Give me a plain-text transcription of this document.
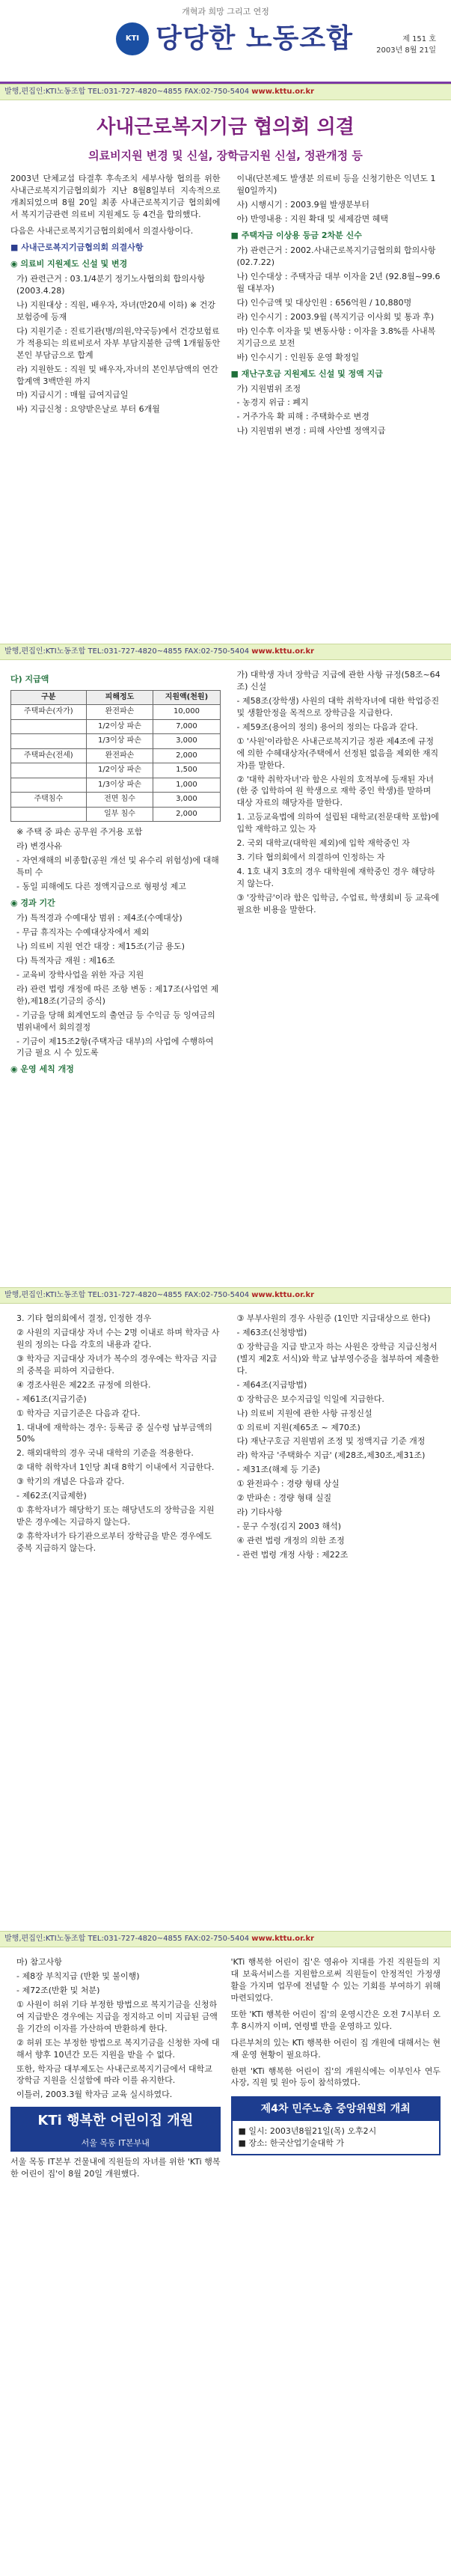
개혁과 희망 그리고 연정
KTI 당당한 노동조합	제 151 호
2003년 8월 21일
발행,편집인:KTI노동조합 TEL:031-727-4820~4855 FAX:02-750-5404 www.kttu.or.kr
사내근로복지기금 협의회 의결
의료비지원 변경 및 신설, 장학금지원 신설, 정관개정 등

2003년 단체교섭 타결후 후속조치 세부사항 협의를 위한 사내근로복지기금협의회가 지난 8월8일부터 지속적으로 개최되었으며 8월 20일 최종 사내근로복지기금 협의회에서 복지기금관련 의료비 지원제도 등 4건을 합의했다.

다음은 사내근로복지기금협의회에서 의결사항이다.

■ 사내근로복지기금협의회 의결사항
◉ 의료비 지원제도 신설 및 변경
가) 관련근거 : 03.1/4분기 정기노사협의회 합의사항(2003.4.28)
나) 지원대상 : 직원, 배우자, 자녀(만20세 이하) ※ 건강보험증에 등재
다) 지원기준 : 진료기관(병/의원,약국등)에서 건강보험료가 적용되는 의료비로서 자부 부담지불한 금액 1개월동안 본인 부담금으로 합계
라) 지원한도 : 직원 및 배우자,자녀의 본인부담액의 연간 합계액 3백만원 까지
마) 지급시기 : 매월 급여지급일
바) 지급신청 : 요양받은날로 부터 6개월
이내(단본제도 발생분 의료비 등을 신청기한은 익년도 1월0일까지)
사) 시행시기 : 2003.9월 발생분부터
아) 반영내용 : 지원 확대 및 세제감면 혜택
■ 주택자금 이상용 등금 2차분 신수
가) 관련근거 : 2002.사내근로복지기금협의회 합의사항(02.7.22)
나) 인수대상 : 주택자금 대부 이자율 2년 (92.8월~99.6월 대부자)
다) 인수금액 및 대상인원 : 656억원 / 10,880명
라) 인수시기 : 2003.9월 (복지기금 이사회 및 통과 후)
마) 인수후 이자율 및 변동사항 : 이자율 3.8%를 사내복지기금으로 보전
바) 인수시기 : 인원동 운영 확정일
■ 재난구호금 지원제도 신설 및 정액 지급
가) 지원범위 조정
- 농경지 위급 : 폐지
- 거주가옥 확 피해 : 주택화수로 변경
나) 지원범위 변경 : 피해 사안별 정액지급
발행,편집인:KTI노동조합 TEL:031-727-4820~4855 FAX:02-750-5404 www.kttu.or.kr
다) 지급액
구분	피해정도	지원액(천원)
주택파손(자가)	완전파손	10,000
	1/2이상 파손	7,000
	1/3이상 파손	3,000
주택파손(전세)	완전파손	2,000
	1/2이상 파손	1,500
	1/3이상 파손	1,000
주택침수	전면 침수	3,000
	일부 침수	2,000
※ 주택 중 파손 공무원 주거용 포함
라) 변경사유
- 자연재해의 비종합(공원 개선 및 유수리 위험성)에 대해 특미 수
- 동일 피해에도 다른 정액지급으로 형평성 제고
◉ 경과 기간
가) 특적경과 수예대상 범위 : 제4조(수예대상)
- 무급 휴직자는 수예대상자에서 제외
나) 의료비 지원 연간 대장 : 제15조(기금 용도)
다) 특적자금 재원 : 제16조
- 교육비 장학사업을 위한 자금 지원
라) 관련 법령 개정에 따른 조항 변동 : 제17조(사업연 제한),제18조(기금의 증식)
- 기금을 당해 회계연도의 출연금 등 수익금 등 잉여금의 범위내에서 회의결정
- 기금이 제15조2항(주택자금 대부)의 사업에 수행하여 기금 필요 시 수 있도록
◉ 운영 세칙 개정
가) 대학생 자녀 장학금 지급에 관한 사항 규정(58조~64조) 신설
- 제58조(장학생) 사원의 대학 취학자녀에 대한 학업증진 및 생활안정을 목적으로 장학금을 지급한다.
- 제59조(용어의 정의) 용어의 정의는 다음과 같다.
① '사원'이라함은 사내근로복지기금 정관 제4조에 규정에 의한 수혜대상자(주택에서 선정된 없음을 제외한 재직자)를 말한다.
② '대학 취학자녀'라 함은 사원의 호적부에 등재된 자녀(한 중 입학하여 원 학생으로 재학 중인 학생)를 말하며 대상 자료의 해당자를 말한다.
1. 고등교육법에 의하여 설립된 대학교(전문대학 포함)에 입학 재학하고 있는 자
2. 국외 대학교(대학원 제외)에 입학 재학중인 자
3. 기타 협의회에서 의결하여 인정하는 자
4. 1호 내지 3호의 경우 대학원에 재학중인 경우 해당하지 않는다.
③ '장학금'이라 함은 입학금, 수업료, 학생회비 등 교육에 필요한 비용을 말한다.
발행,편집인:KTI노동조합 TEL:031-727-4820~4855 FAX:02-750-5404 www.kttu.or.kr
3. 기타 협의회에서 결정, 인정한 경우
② 사원의 지급대상 자녀 수는 2명 이내로 하며 학자금 사원의 정의는 다음 각호의 내용과 같다.
③ 학자금 지급대상 자녀가 복수의 경우에는 학자금 지급의 중복을 피하여 지급한다.
④ 경조사원은 제22조 규정에 의한다.
- 제61조(지급기준)
① 학자금 지급기준은 다음과 같다.
1. 대내에 재학하는 경우: 등록금 중 실수령 납부금액의 50%
2. 해외대학의 경우 국내 대학의 기준을 적용한다.
② 대학 취학자녀 1인당 최대 8학기 이내에서 지급한다.
③ 학기의 개념은 다음과 같다.
- 제62조(지급제한)
① 휴학자녀가 해당학기 또는 해당년도의 장학금을 지원받은 경우에는 지급하지 않는다.
② 휴학자녀가 타기관으로부터 장학금을 받은 경우에도 중복 지급하지 않는다.
③ 부부사원의 경우 사원증 (1인만 지급대상으로 한다)
- 제63조(신청방법)
① 장학금을 지급 받고자 하는 사원은 장학금 지급신청서(별지 제2호 서식)와 학교 납부영수증을 첨부하여 제출한다.
- 제64조(지급방법)
① 장학금은 보수지급일 익일에 지급한다.
나) 의료비 지원에 관한 사항 규정신설
① 의료비 지원(제65조 ~ 제70조)
다) 재난구호금 지원범위 조정 및 정액지급 기준 개정
라) 학자금 '주택화수 지급' (제28조,제30조,제31조)
- 제31조(해제 등 기준)
① 완전파수 : 경량 형태 상실
② 반파손 : 경량 형태 실질
라) 기타사항
- 문구 수정(김지 2003 해석)
④ 관련 법령 개정의 의한 조정
- 관련 법령 개정 사항 : 제22조
발행,편집인:KTI노동조합 TEL:031-727-4820~4855 FAX:02-750-5404 www.kttu.or.kr
마) 참고사항
- 제8장 부칙지급 (반환 및 불이행)
- 제72조(반환 및 처분)
① 사원이 허위 기타 부정한 방법으로 복지기금을 신청하여 지급받은 경우에는 지급을 정지하고 이미 지급된 금액을 기간의 이자를 가산하여 반환하게 한다.
② 허위 또는 부정한 방법으로 복지기금을 신청한 자에 대해서 향후 10년간 모든 지원을 받을 수 없다.
또한, 학자금 대부제도는 사내근로복지기금에서 대학교 장학금 지원을 신설함에 따라 이를 유지한다.
이틀러, 2003.3월 학자금 교육 실시하였다.
KTi 행복한 어린이집 개원
서울 목동 IT본부내

서울 목동 IT본부 건물내에 직원들의 자녀를 위한 'KTi 행복한 어린이 집'이 8월 20일 개원했다.

'KTi 행복한 어린이 집'은 영유아 지대를 가진 직원들의 지대 보육서비스를 지원함으로써 직원들이 안정적인 가정생활을 가지며 업무에 전념할 수 있는 기회를 부여하기 위해 마련되었다.

또한 'KTi 행복한 어린이 집'의 운영시간은 오전 7시부터 오후 8시까지 이며, 연령별 반을 운영하고 있다.

다른부처의 있는 KTi 행복한 어린이 집 개원에 대해서는 현재 운영 현황이 필요하다.

한편 'KTi 행복한 어린이 집'의 개원식에는 이부인사 연두 사장, 직원 및 원아 등이 참석하였다.

제4차 민주노총 중앙위원회 개최
■ 일시: 2003년8월21일(목) 오후2시
■ 장소: 한국산업기술대학 가
